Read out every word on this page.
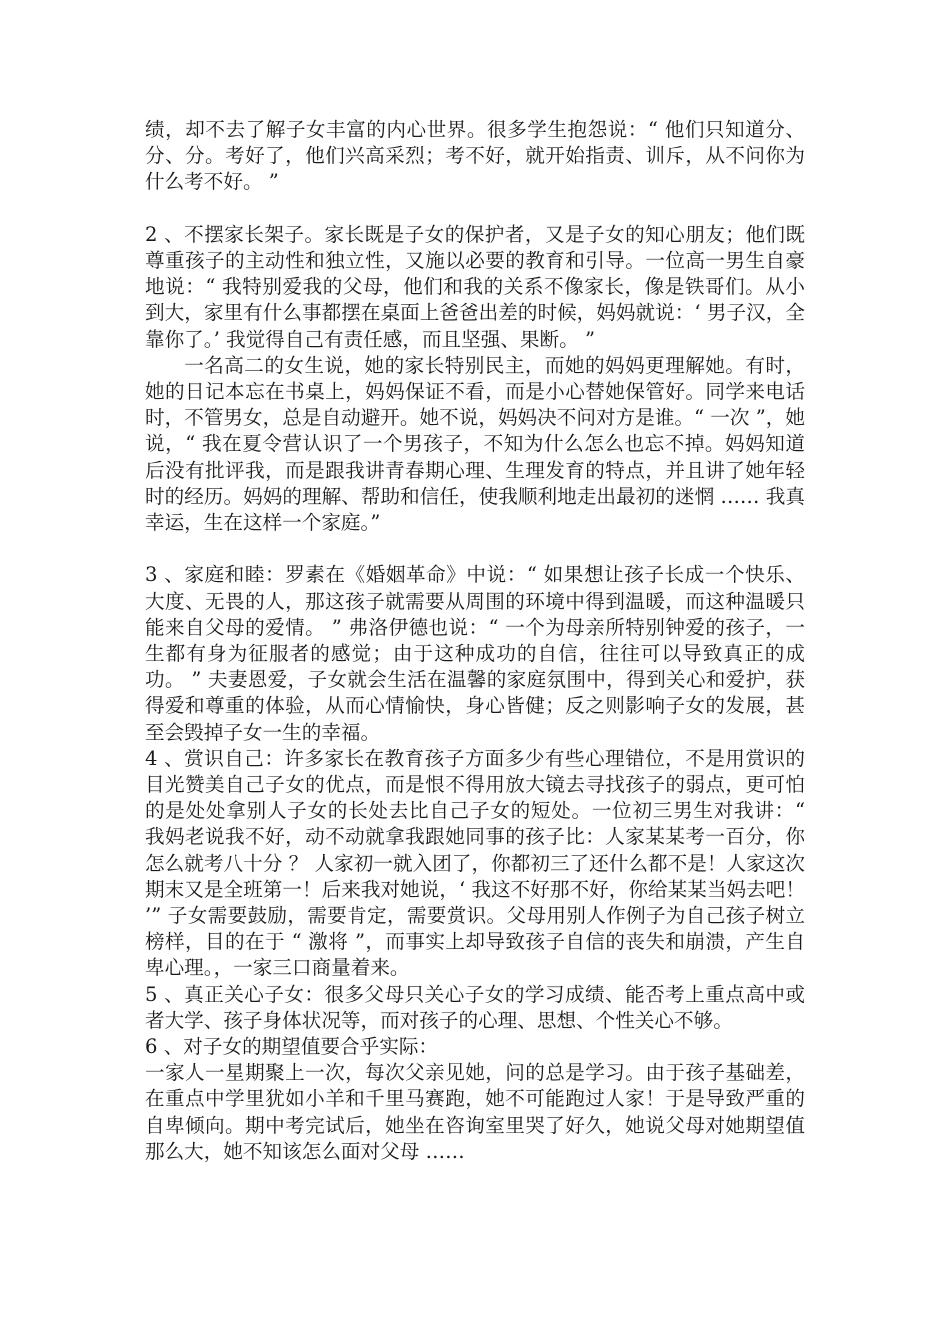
绩，却不去了解子女丰富的内心世界。很多学生抱怨说：“ 他们只知道分、分、分。考好了，他们兴高采烈；考不好，就开始指责、训斥，从不问你为什么考不好。 ”

2 、不摆家长架子。家长既是子女的保护者，又是子女的知心朋友；他们既尊重孩子的主动性和独立性，又施以必要的教育和引导。一位高一男生自豪地说：“ 我特别爱我的父母，他们和我的关系不像家长，像是铁哥们。从小到大，家里有什么事都摆在桌面上爸爸出差的时候，妈妈就说：‘ 男子汉，全靠你了。’ 我觉得自己有责任感，而且坚强、果断。 ”

一名高二的女生说，她的家长特别民主，而她的妈妈更理解她。有时，她的日记本忘在书桌上，妈妈保证不看，而是小心替她保管好。同学来电话时，不管男女，总是自动避开。她不说，妈妈决不问对方是谁。“ 一次 ”，她说，“ 我在夏令营认识了一个男孩子，不知为什么怎么也忘不掉。妈妈知道后没有批评我，而是跟我讲青春期心理、生理发育的特点，并且讲了她年轻时的经历。妈妈的理解、帮助和信任，使我顺利地走出最初的迷惘 …… 我真幸运，生在这样一个家庭。”

3 、家庭和睦：罗素在《婚姻革命》中说：“ 如果想让孩子长成一个快乐、大度、无畏的人，那这孩子就需要从周围的环境中得到温暖，而这种温暖只能来自父母的爱情。 ” 弗洛伊德也说：“ 一个为母亲所特别钟爱的孩子，一生都有身为征服者的感觉；由于这种成功的自信，往往可以导致真正的成功。 ” 夫妻恩爱，子女就会生活在温馨的家庭氛围中，得到关心和爱护，获得爱和尊重的体验，从而心情愉快，身心皆健；反之则影响子女的发展，甚至会毁掉子女一生的幸福。

4 、赏识自己：许多家长在教育孩子方面多少有些心理错位，不是用赏识的目光赞美自己子女的优点，而是恨不得用放大镜去寻找孩子的弱点，更可怕的是处处拿别人子女的长处去比自己子女的短处。一位初三男生对我讲：“ 我妈老说我不好，动不动就拿我跟她同事的孩子比：人家某某考一百分，你怎么就考八十分 ？ 人家初一就入团了，你都初三了还什么都不是！人家这次期末又是全班第一！后来我对她说，‘ 我这不好那不好，你给某某当妈去吧！ ’” 子女需要鼓励，需要肯定，需要赏识。父母用别人作例子为自己孩子树立榜样，目的在于 “ 激将 ”，而事实上却导致孩子自信的丧失和崩溃，产生自卑心理。，一家三口商量着来。

5 、真正关心子女：很多父母只关心子女的学习成绩、能否考上重点高中或者大学、孩子身体状况等，而对孩子的心理、思想、个性关心不够。

6 、对子女的期望值要合乎实际：

一家人一星期聚上一次，每次父亲见她，问的总是学习。由于孩子基础差，在重点中学里犹如小羊和千里马赛跑，她不可能跑过人家！于是导致严重的自卑倾向。期中考完试后，她坐在咨询室里哭了好久，她说父母对她期望值那么大，她不知该怎么面对父母 ……
